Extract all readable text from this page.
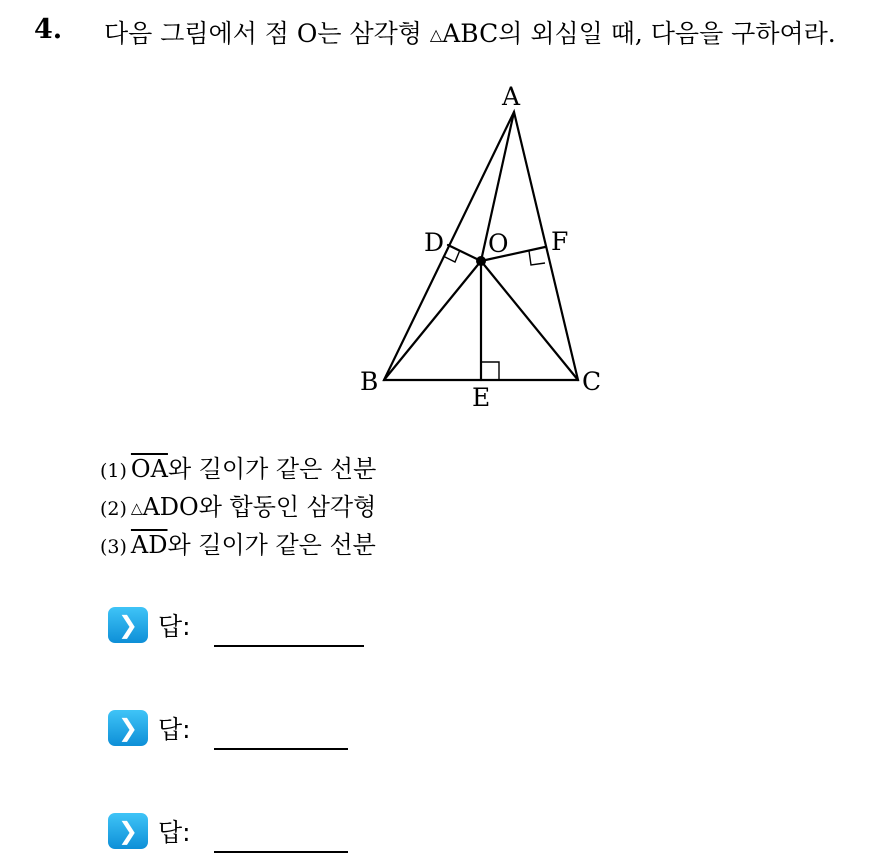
4. 다음 그림에서 점 O는 삼각형 △ABC의 외심일 때, 다음을 구하여라.
A
B	C
D
E
F
O
(1) $\overline{OA}$와 길이가 같은 선분
(2) △ADO와 합동인 삼각형
(3) $\overline{AD}$와 길이가 같은 선분
❯ 답:
❯ 답:
❯ 답:
